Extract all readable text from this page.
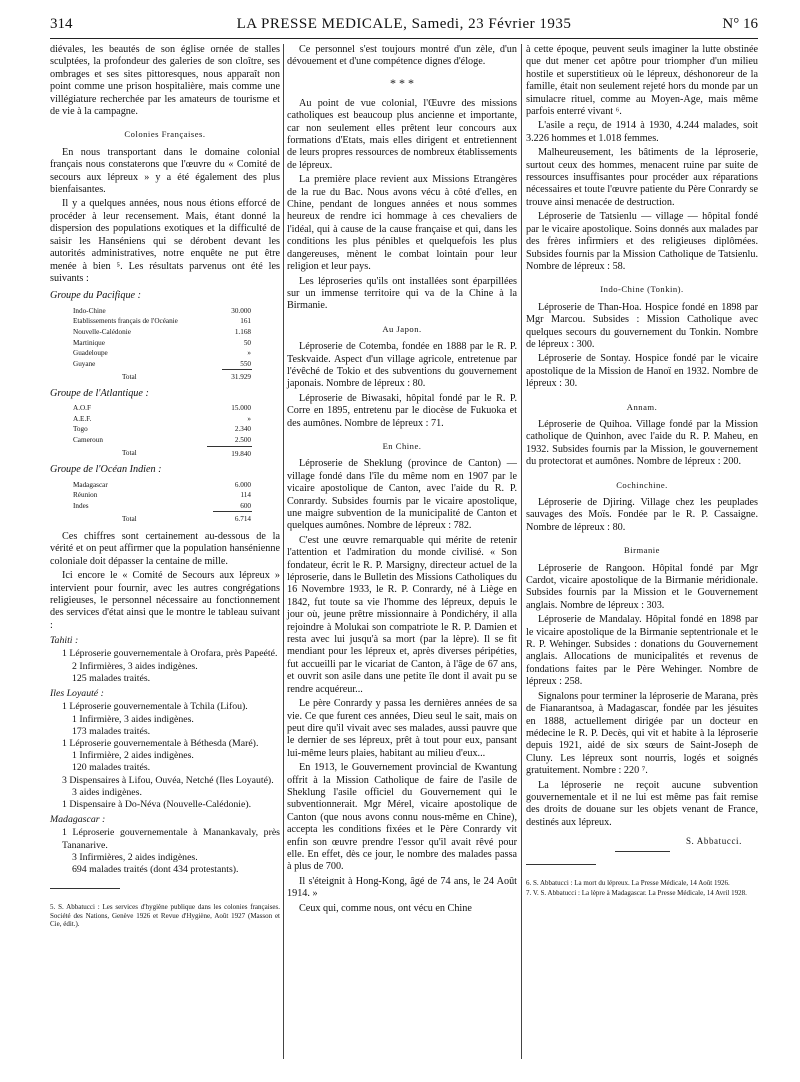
314	LA PRESSE MEDICALE, Samedi, 23 Février 1935	N° 16

diévales, les beautés de son église ornée de stalles sculptées, la profondeur des galeries de son cloître, ses ombrages et ses sites pittoresques, nous apparaît non point comme une prison hospitalière, mais comme une villégiature recherchée par les amateurs de tourisme et de vie à la campagne.

Colonies Françaises.

En nous transportant dans le domaine colonial français nous constaterons que l'œuvre du « Comité de secours aux lépreux » y a été également des plus bienfaisantes.

Il y a quelques années, nous nous étions efforcé de procéder à leur recensement. Mais, étant donné la dispersion des populations exotiques et la difficulté de saisir les Hanséniens qui se dérobent devant les autorités administratives, notre enquête ne put être menée à bien ⁵. Les résultats parvenus ont été les suivants :

Groupe du Pacifique :
Indo-Chine	30.000
Etablissements français de l'Océanie	161
Nouvelle-Calédonie	1.168
Martinique	50
Guadeloupe	»
Guyane	550
Total	31.929
Groupe de l'Atlantique :
A.O.F	15.000
A.E.F.	»
Togo	2.340
Cameroun	2.500
Total	19.840
Groupe de l'Océan Indien :
Madagascar	6.000
Réunion	114
Indes	600
Total	6.714

Ces chiffres sont certainement au-dessous de la vérité et on peut affirmer que la population hansénienne coloniale doit dépasser la centaine de mille.

Ici encore le « Comité de Secours aux lépreux » intervient pour fournir, avec les autres congrégations religieuses, le personnel nécessaire au fonctionnement des services d'état ainsi que le montre le tableau suivant :

Tahiti :
1 Léproserie gouvernementale à Orofara, près Papeété.
2 Infirmières, 3 aides indigènes.
125 malades traités.
Iles Loyauté :
1 Léproserie gouvernementale à Tchila (Lifou).
1 Infirmière, 3 aides indigènes.
173 malades traités.
1 Léproserie gouvernementale à Béthesda (Maré).
1 Infirmière, 2 aides indigènes.
120 malades traités.
3 Dispensaires à Lifou, Ouvéa, Netché (Iles Loyauté).
3 aides indigènes.
1 Dispensaire à Do-Néva (Nouvelle-Calédonie).
Madagascar :
1 Léproserie gouvernementale à Manankavaly, près Tananarive.
3 Infirmières, 2 aides indigènes.
694 malades traités (dont 434 protestants).
5. S. Abbatucci : Les services d'hygiène publique dans les colonies françaises. Société des Nations, Genève 1926 et Revue d'Hygiène, Août 1927 (Masson et Cie, édit.).

Ce personnel s'est toujours montré d'un zèle, d'un dévouement et d'une compétence dignes d'éloge.

* * *

Au point de vue colonial, l'Œuvre des missions catholiques est beaucoup plus ancienne et importante, car non seulement elles prêtent leur concours aux formations d'Etats, mais elles dirigent et entretiennent de leurs propres ressources de nombreux établissements de lépreux.

La première place revient aux Missions Etrangères de la rue du Bac. Nous avons vécu à côté d'elles, en Chine, pendant de longues années et nous sommes heureux de rendre ici hommage à ces chevaliers de l'idéal, qui à cause de la cause française et qui, dans les conditions les plus pénibles et quelquefois les plus dangereuses, mènent le combat lointain pour leur religion et leur pays.

Les léproseries qu'ils ont installées sont éparpillées sur un immense territoire qui va de la Chine à la Birmanie.

Au Japon.

Léproserie de Cotemba, fondée en 1888 par le R. P. Teskvaide. Aspect d'un village agricole, entretenue par l'évêché de Tokio et des subventions du gouvernement japonais. Nombre de lépreux : 80.

Léproserie de Biwasaki, hôpital fondé par le R. P. Corre en 1895, entretenu par le diocèse de Fukuoka et des aumônes. Nombre de lépreux : 71.

En Chine.

Léproserie de Sheklung (province de Canton) — village fondé dans l'île du même nom en 1907 par le vicaire apostolique de Canton, avec l'aide du R. P. Conrardy. Subsides fournis par le vicaire apostolique, une maigre subvention de la municipalité de Canton et quelques aumônes. Nombre de lépreux : 782.

C'est une œuvre remarquable qui mérite de retenir l'attention et l'admiration du monde civilisé. « Son fondateur, écrit le R. P. Marsigny, directeur actuel de la léproserie, dans le Bulletin des Missions Catholiques du 16 Novembre 1933, le R. P. Conrardy, né à Liège en 1842, fut toute sa vie l'homme des lépreux, depuis le jour où, jeune prêtre missionnaire à Pondichéry, il alla rejoindre à Molukai son compatriote le R. P. Damien et resta avec lui jusqu'à sa mort (par la lèpre). Il se fit mendiant pour les lépreux et, après diverses péripéties, fut accueilli par le vicariat de Canton, à l'âge de 67 ans, et ouvrit son asile dans une petite île dont il avait pu se rendre acquéreur...

Le père Conrardy y passa les dernières années de sa vie. Ce que furent ces années, Dieu seul le sait, mais on peut dire qu'il vivait avec ses malades, aussi pauvre que le dernier de ses lépreux, prêt à tout pour eux, pansant lui-même leurs plaies, habitant au milieu d'eux...

En 1913, le Gouvernement provincial de Kwantung offrit à la Mission Catholique de faire de l'asile de Sheklung l'asile officiel du Gouvernement qui le subventionnerait. Mgr Mérel, vicaire apostolique de Canton (que nous avons connu nous-même en Chine), accepta les conditions fixées et le Père Conrardy vit enfin son œuvre prendre l'essor qu'il avait rêvé pour elle. En effet, dès ce jour, le nombre des malades passa à plus de 700.

Il s'éteignit à Hong-Kong, âgé de 74 ans, le 24 Août 1914. »

Ceux qui, comme nous, ont vécu en Chine

à cette époque, peuvent seuls imaginer la lutte obstinée que dut mener cet apôtre pour triompher d'un milieu hostile et superstitieux où le lépreux, déshonoreur de la famille, était non seulement rejeté hors du monde par un simulacre rituel, comme au Moyen-Age, mais même parfois enterré vivant ⁶.

L'asile a reçu, de 1914 à 1930, 4.244 malades, soit 3.226 hommes et 1.018 femmes.

Malheureusement, les bâtiments de la léproserie, surtout ceux des hommes, menacent ruine par suite de ressources insuffisantes pour procéder aux réparations nécessaires et toute l'œuvre patiente du Père Conrardy se trouve ainsi menacée de destruction.

Léproserie de Tatsienlu — village — hôpital fondé par le vicaire apostolique. Soins donnés aux malades par des frères infirmiers et des religieuses diplômées. Subsides fournis par la Mission Catholique de Tatsienlu. Nombre de lépreux : 58.

Indo-Chine (Tonkin).

Léproserie de Than-Hoa. Hospice fondé en 1898 par Mgr Marcou. Subsides : Mission Catholique avec quelques secours du gouvernement du Tonkin. Nombre de lépreux : 300.

Léproserie de Sontay. Hospice fondé par le vicaire apostolique de la Mission de Hanoï en 1932. Nombre de lépreux : 30.

Annam.

Léproserie de Quihoa. Village fondé par la Mission catholique de Quinhon, avec l'aide du R. P. Maheu, en 1932. Subsides fournis par la Mission, le gouvernement du protectorat et aumônes. Nombre de lépreux : 200.

Cochinchine.

Léproserie de Djiring. Village chez les peuplades sauvages des Moïs. Fondée par le R. P. Cassaigne. Nombre de lépreux : 80.

Birmanie

Léproserie de Rangoon. Hôpital fondé par Mgr Cardot, vicaire apostolique de la Birmanie méridionale. Subsides fournis par la Mission et le Gouvernement anglais. Nombre de lépreux : 303.

Léproserie de Mandalay. Hôpital fondé en 1898 par le vicaire apostolique de la Birmanie septentrionale et le R. P. Wehinger. Subsides : donations du Gouvernement anglais. Allocations de municipalités et revenus de fondations faites par le Père Wehinger. Nombre de lépreux : 258.

Signalons pour terminer la léproserie de Marana, près de Fianarantsoa, à Madagascar, fondée par les jésuites en 1888, actuellement dirigée par un docteur en médecine le R. P. Decès, qui vit et habite à la léproserie depuis 1921, aidé de six sœurs de Saint-Joseph de Cluny. Les lépreux sont nourris, logés et soignés gratuitement. Nombre : 220 ⁷.

La léproserie ne reçoit aucune subvention gouvernementale et il ne lui est même pas fait remise des droits de douane sur les objets venant de France, destinés aux lépreux.

S. Abbatucci.
6. S. Abbatucci : La mort du lépreux. La Presse Médicale, 14 Août 1926.
7. V. S. Abbatucci : La lèpre à Madagascar. La Presse Médicale, 14 Avril 1928.
